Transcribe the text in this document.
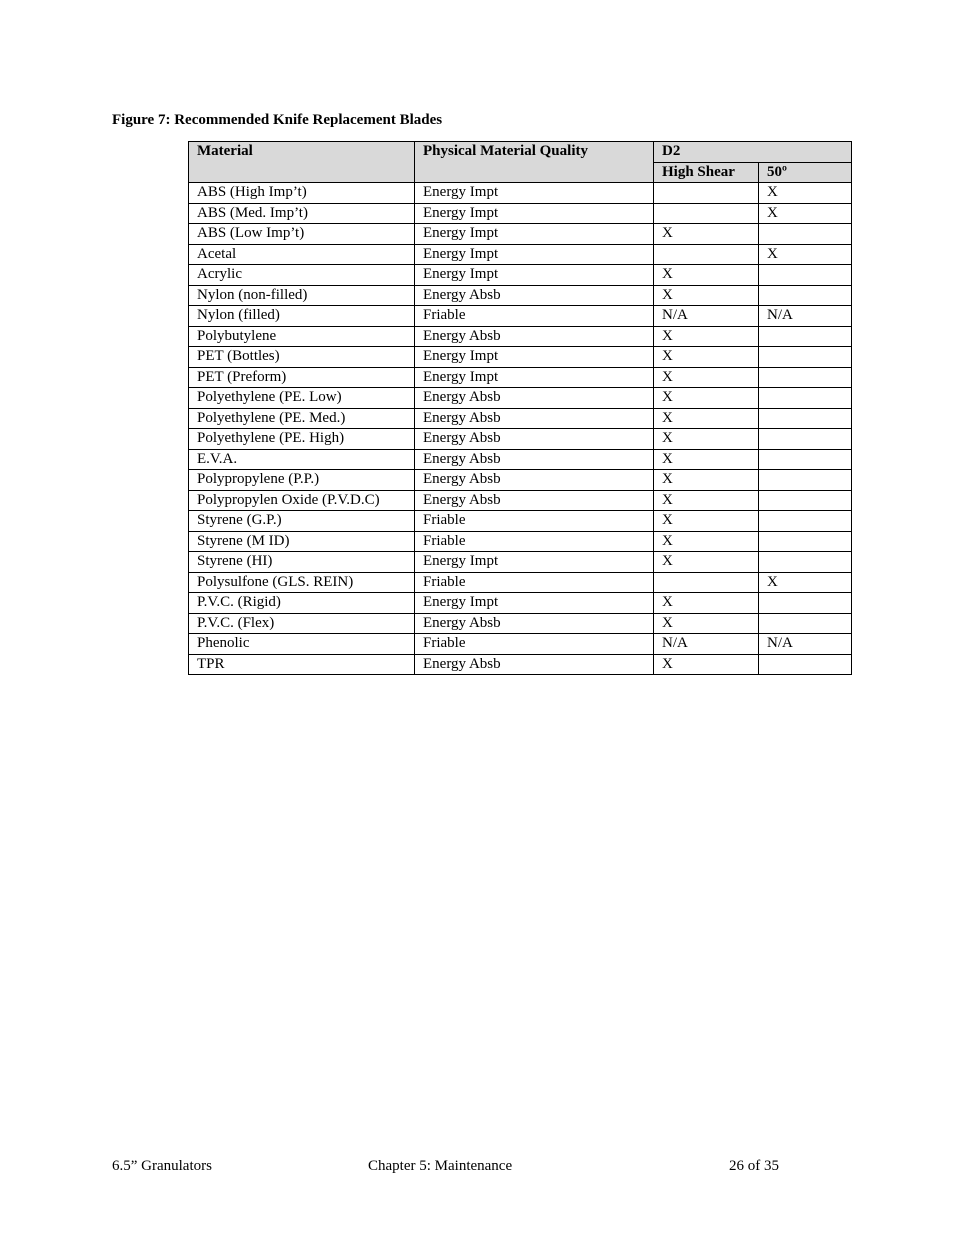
Figure 7: Recommended Knife Replacement Blades

Material	Physical Material Quality	D2	
		High Shear	50º
ABS (High Imp’t)	Energy Impt		X
ABS (Med. Imp’t)	Energy Impt		X
ABS (Low Imp’t)	Energy Impt	X	
Acetal	Energy Impt		X
Acrylic	Energy Impt	X	
Nylon (non-filled)	Energy Absb	X	
Nylon (filled)	Friable	N/A	N/A
Polybutylene	Energy Absb	X	
PET (Bottles)	Energy Impt	X	
PET (Preform)	Energy Impt	X	
Polyethylene (PE. Low)	Energy Absb	X	
Polyethylene (PE. Med.)	Energy Absb	X	
Polyethylene (PE. High)	Energy Absb	X	
E.V.A.	Energy Absb	X	
Polypropylene (P.P.)	Energy Absb	X	
Polypropylen Oxide (P.V.D.C)	Energy Absb	X	
Styrene (G.P.)	Friable	X	
Styrene (M ID)	Friable	X	
Styrene (HI)	Energy Impt	X	
Polysulfone (GLS. REIN)	Friable		X
P.V.C. (Rigid)	Energy Impt	X	
P.V.C. (Flex)	Energy Absb	X	
Phenolic	Friable	N/A	N/A
TPR	Energy Absb	X	
6.5” Granulators	Chapter 5: Maintenance	26 of 35
